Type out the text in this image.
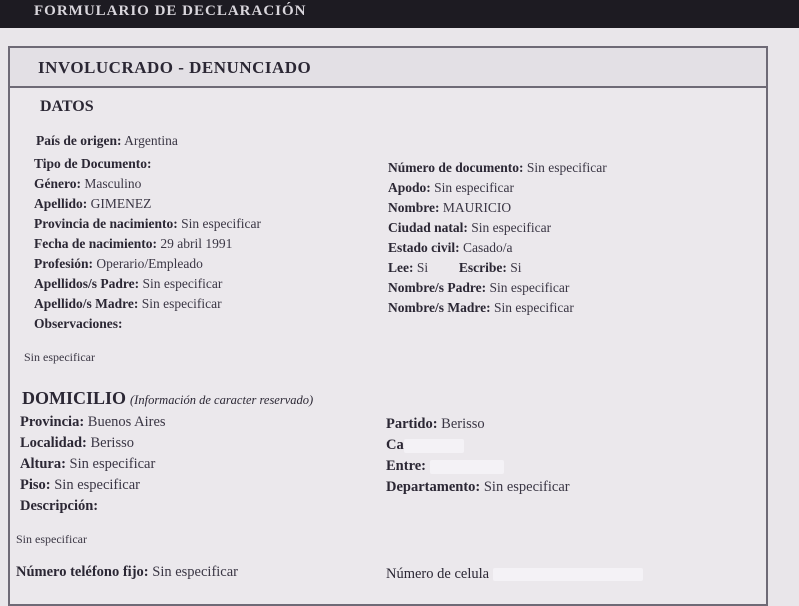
FORMULARIO DE DECLARACIÓN
INVOLUCRADO - DENUNCIADO
DATOS
País de origen: Argentina
Tipo de Documento:
Género: Masculino
Apellido: GIMENEZ
Provincia de nacimiento: Sin especificar
Fecha de nacimiento: 29 abril 1991
Profesión: Operario/Empleado
Apellidos/s Padre: Sin especificar
Apellido/s Madre: Sin especificar
Observaciones:
Número de documento: Sin especificar
Apodo: Sin especificar
Nombre: MAURICIO
Ciudad natal: Sin especificar
Estado civil: Casado/a
Lee: Si Escribe: Si
Nombre/s Padre: Sin especificar
Nombre/s Madre: Sin especificar
Sin especificar
DOMICILIO (Información de caracter reservado)
Provincia: Buenos Aires
Localidad: Berisso
Altura: Sin especificar
Piso: Sin especificar
Descripción:
Partido: Berisso
Ca
Entre:
Departamento: Sin especificar
Sin especificar
Número teléfono fijo: Sin especificar	Número de celula
